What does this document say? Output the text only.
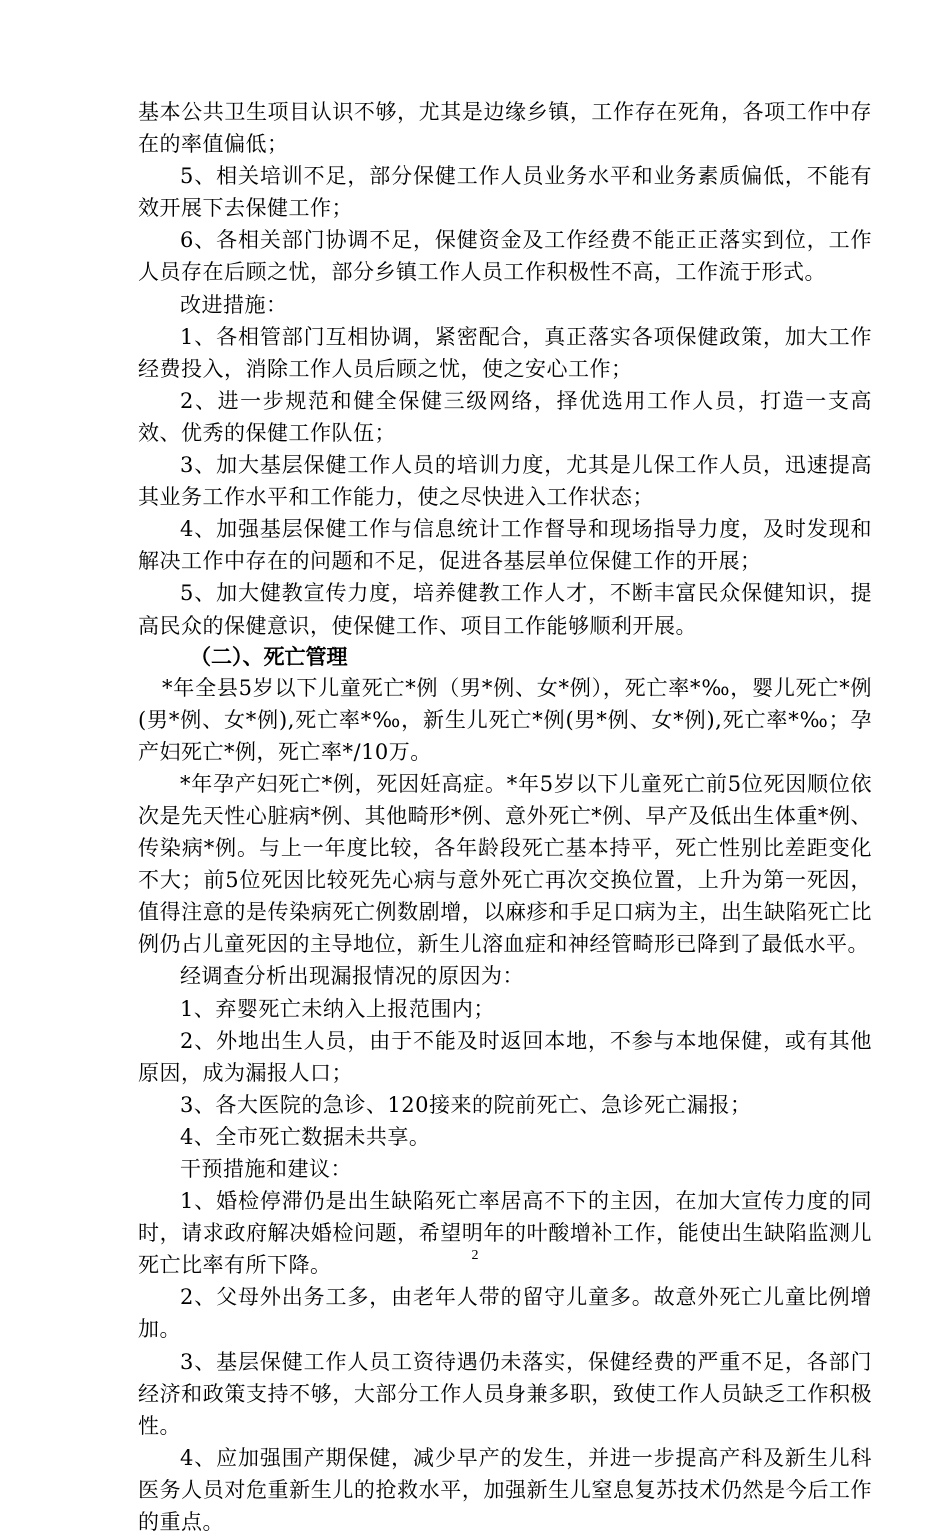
基本公共卫生项目认识不够，尤其是边缘乡镇，工作存在死角，各项工作中存在的率值偏低；

5、相关培训不足，部分保健工作人员业务水平和业务素质偏低，不能有效开展下去保健工作；

6、各相关部门协调不足，保健资金及工作经费不能正正落实到位，工作人员存在后顾之忧，部分乡镇工作人员工作积极性不高，工作流于形式。

改进措施：

1、各相管部门互相协调，紧密配合，真正落实各项保健政策，加大工作经费投入，消除工作人员后顾之忧，使之安心工作；

2、进一步规范和健全保健三级网络，择优选用工作人员，打造一支高效、优秀的保健工作队伍；

3、加大基层保健工作人员的培训力度，尤其是儿保工作人员，迅速提高其业务工作水平和工作能力，使之尽快进入工作状态；

4、加强基层保健工作与信息统计工作督导和现场指导力度，及时发现和解决工作中存在的问题和不足，促进各基层单位保健工作的开展；

5、加大健教宣传力度，培养健教工作人才，不断丰富民众保健知识，提高民众的保健意识，使保健工作、项目工作能够顺利开展。

（二）、死亡管理

*年全县5岁以下儿童死亡*例（男*例、女*例），死亡率*‰，婴儿死亡*例(男*例、女*例),死亡率*‰，新生儿死亡*例(男*例、女*例),死亡率*‰；孕产妇死亡*例，死亡率*/10万。

*年孕产妇死亡*例，死因妊高症。*年5岁以下儿童死亡前5位死因顺位依次是先天性心脏病*例、其他畸形*例、意外死亡*例、早产及低出生体重*例、传染病*例。与上一年度比较，各年龄段死亡基本持平，死亡性别比差距变化不大；前5位死因比较死先心病与意外死亡再次交换位置，上升为第一死因，值得注意的是传染病死亡例数剧增，以麻疹和手足口病为主，出生缺陷死亡比例仍占儿童死因的主导地位，新生儿溶血症和神经管畸形已降到了最低水平。

经调查分析出现漏报情况的原因为：

1、弃婴死亡未纳入上报范围内；

2、外地出生人员，由于不能及时返回本地，不参与本地保健，或有其他原因，成为漏报人口；

3、各大医院的急诊、120接来的院前死亡、急诊死亡漏报；

4、全市死亡数据未共享。

干预措施和建议：

1、婚检停滞仍是出生缺陷死亡率居高不下的主因，在加大宣传力度的同时，请求政府解决婚检问题，希望明年的叶酸增补工作，能使出生缺陷监测儿死亡比率有所下降。

2、父母外出务工多，由老年人带的留守儿童多。故意外死亡儿童比例增加。

3、基层保健工作人员工资待遇仍未落实，保健经费的严重不足，各部门经济和政策支持不够，大部分工作人员身兼多职，致使工作人员缺乏工作积极性。

4、应加强围产期保健，减少早产的发生，并进一步提高产科及新生儿科医务人员对危重新生儿的抢救水平，加强新生儿窒息复苏技术仍然是今后工作的重点。

2
